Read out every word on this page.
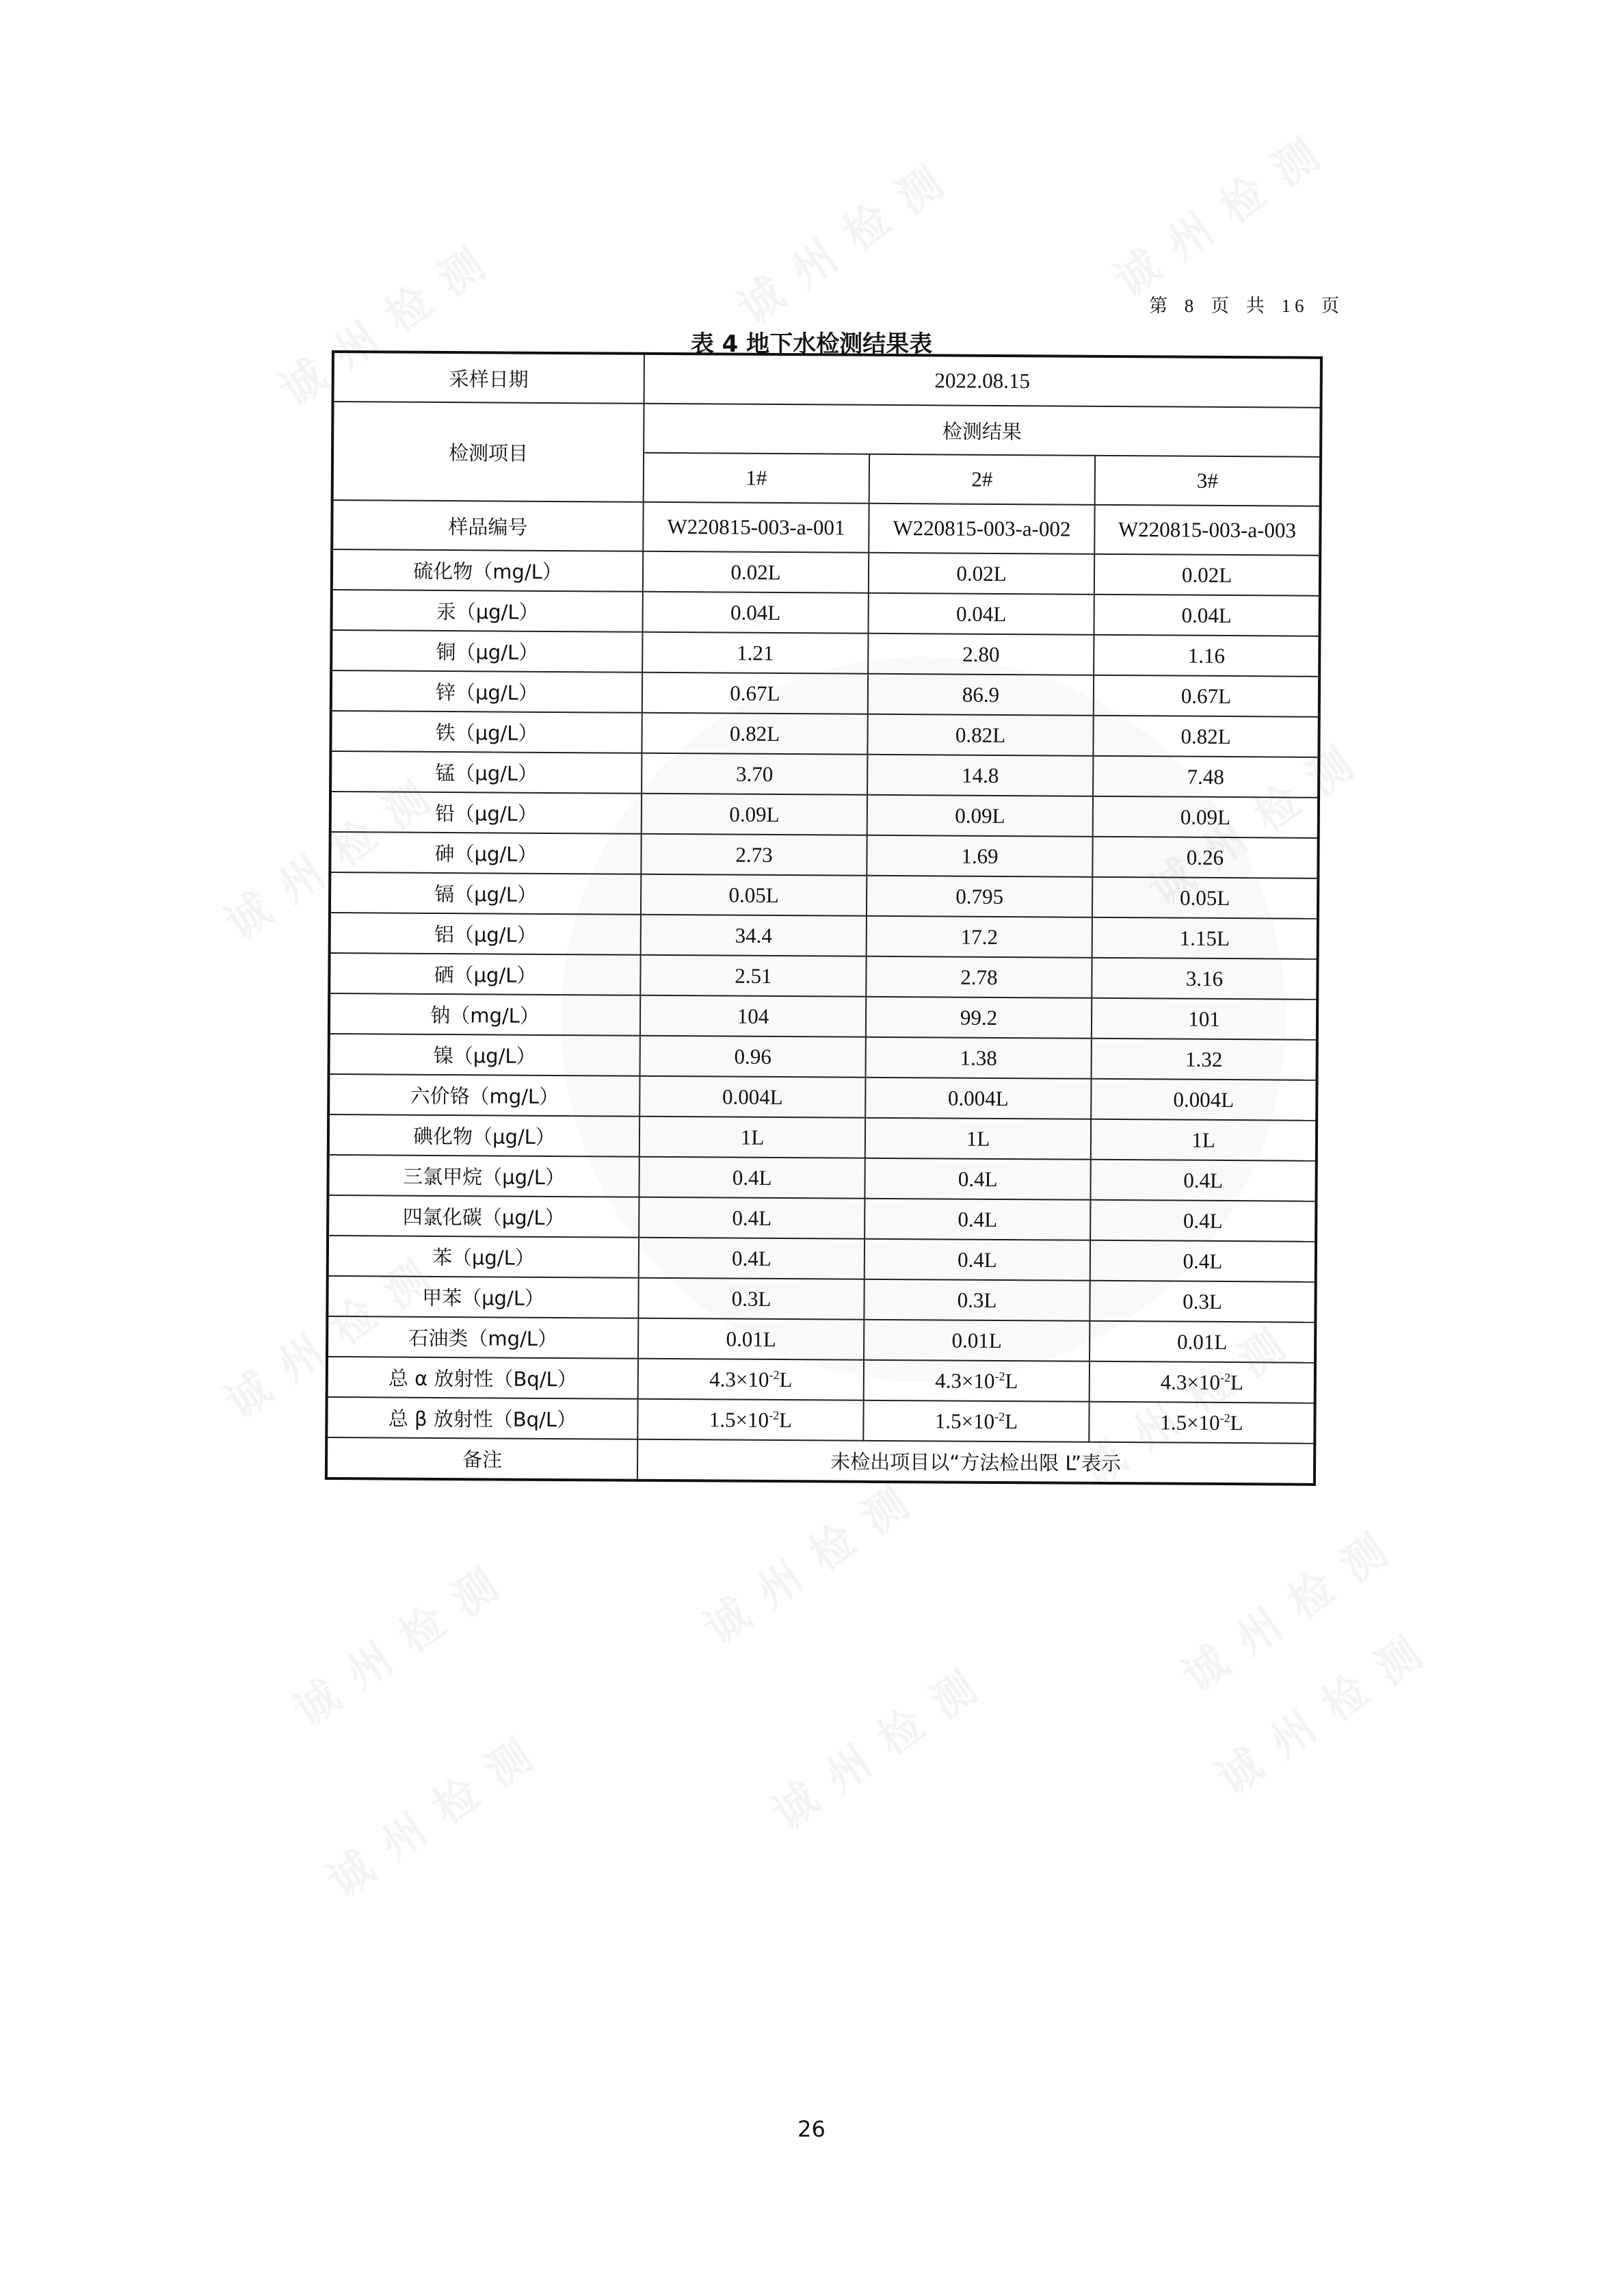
第 8 页 共 16 页
表 4 地下水检测结果表
采样日期	2022.08.15		
检测项目	检测结果		
	1#	2#	3#
样品编号	W220815-003-a-001	W220815-003-a-002	W220815-003-a-003
硫化物（mg/L）	0.02L	0.02L	0.02L
汞（μg/L）	0.04L	0.04L	0.04L
铜（μg/L）	1.21	2.80	1.16
锌（μg/L）	0.67L	86.9	0.67L
铁（μg/L）	0.82L	0.82L	0.82L
锰（μg/L）	3.70	14.8	7.48
铅（μg/L）	0.09L	0.09L	0.09L
砷（μg/L）	2.73	1.69	0.26
镉（μg/L）	0.05L	0.795	0.05L
铝（μg/L）	34.4	17.2	1.15L
硒（μg/L）	2.51	2.78	3.16
钠（mg/L）	104	99.2	101
镍（μg/L）	0.96	1.38	1.32
六价铬（mg/L）	0.004L	0.004L	0.004L
碘化物（μg/L）	1L	1L	1L
三氯甲烷（μg/L）	0.4L	0.4L	0.4L
四氯化碳（μg/L）	0.4L	0.4L	0.4L
苯（μg/L）	0.4L	0.4L	0.4L
甲苯（μg/L）	0.3L	0.3L	0.3L
石油类（mg/L）	0.01L	0.01L	0.01L
总 α 放射性（Bq/L）	$4.3\times 10^{-2}L$	$4.3\times 10^{-2}L$	$4.3\times 10^{-2}L$
总 β 放射性（Bq/L）	$1.5\times 10^{-2}L$	$1.5\times 10^{-2}L$	$1.5\times 10^{-2}L$
备注	未检出项目以“方法检出限 L”表示		
26
